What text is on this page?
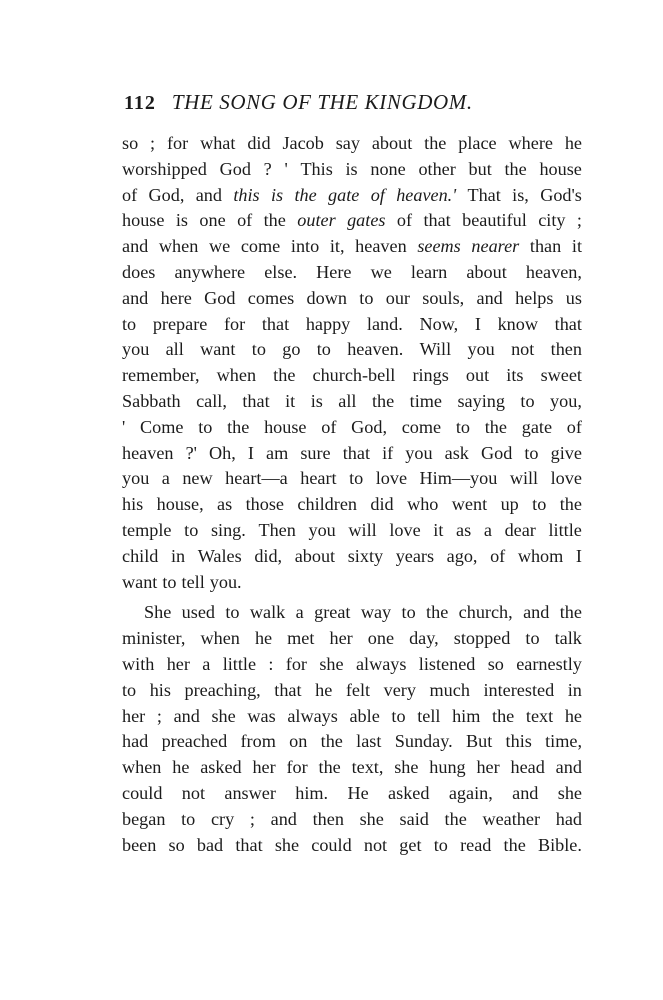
112 THE SONG OF THE KINGDOM.
so ; for what did Jacob say about the place where he
worshipped God ? ' This is none other but the house
of God, and this is the gate of heaven.' That is, God's
house is one of the outer gates of that beautiful city ;
and when we come into it, heaven seems nearer than it
does anywhere else. Here we learn about heaven,
and here God comes down to our souls, and helps us
to prepare for that happy land. Now, I know that
you all want to go to heaven. Will you not then
remember, when the church-bell rings out its sweet
Sabbath call, that it is all the time saying to you,
' Come to the house of God, come to the gate of
heaven ?' Oh, I am sure that if you ask God to give
you a new heart—a heart to love Him—you will love
his house, as those children did who went up to the
temple to sing. Then you will love it as a dear little
child in Wales did, about sixty years ago, of whom I
want to tell you.
She used to walk a great way to the church, and the
minister, when he met her one day, stopped to talk
with her a little : for she always listened so earnestly
to his preaching, that he felt very much interested in
her ; and she was always able to tell him the text he
had preached from on the last Sunday. But this time,
when he asked her for the text, she hung her head and
could not answer him. He asked again, and she
began to cry ; and then she said the weather had
been so bad that she could not get to read the Bible.
